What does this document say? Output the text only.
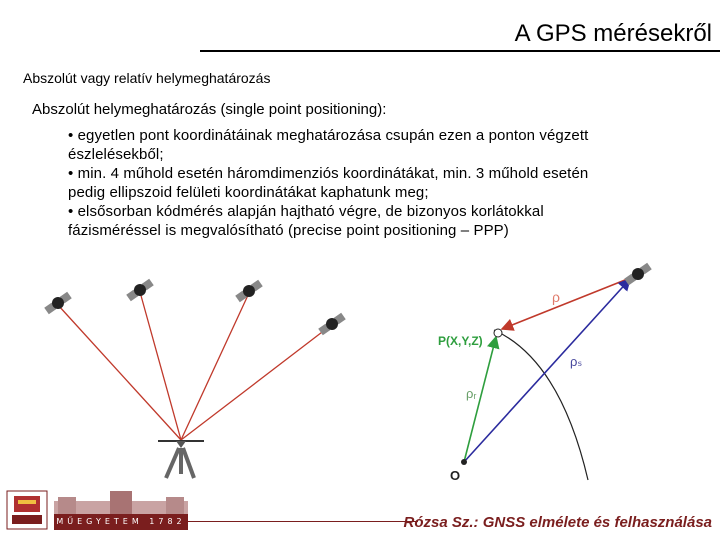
A GPS mérésekről
Abszolút vagy relatív helymeghatározás
Abszolút helymeghatározás (single point positioning):
• egyetlen pont koordinátáinak meghatározása csupán ezen a ponton végzett
észlelésekből;
• min. 4 műhold esetén háromdimenziós koordinátákat, min. 3 műhold esetén
pedig ellipszoid felületi koordinátákat kaphatunk meg;
• elsősorban kódmérés alapján hajtható végre, de bizonyos korlátokkal
fázisméréssel is megvalósítható (precise point positioning – PPP)
ρ
ρₛ
ρᵣ
P(X,Y,Z)
O
MŰEGYETEM 1782	Rózsa Sz.: GNSS elmélete és felhasználása
